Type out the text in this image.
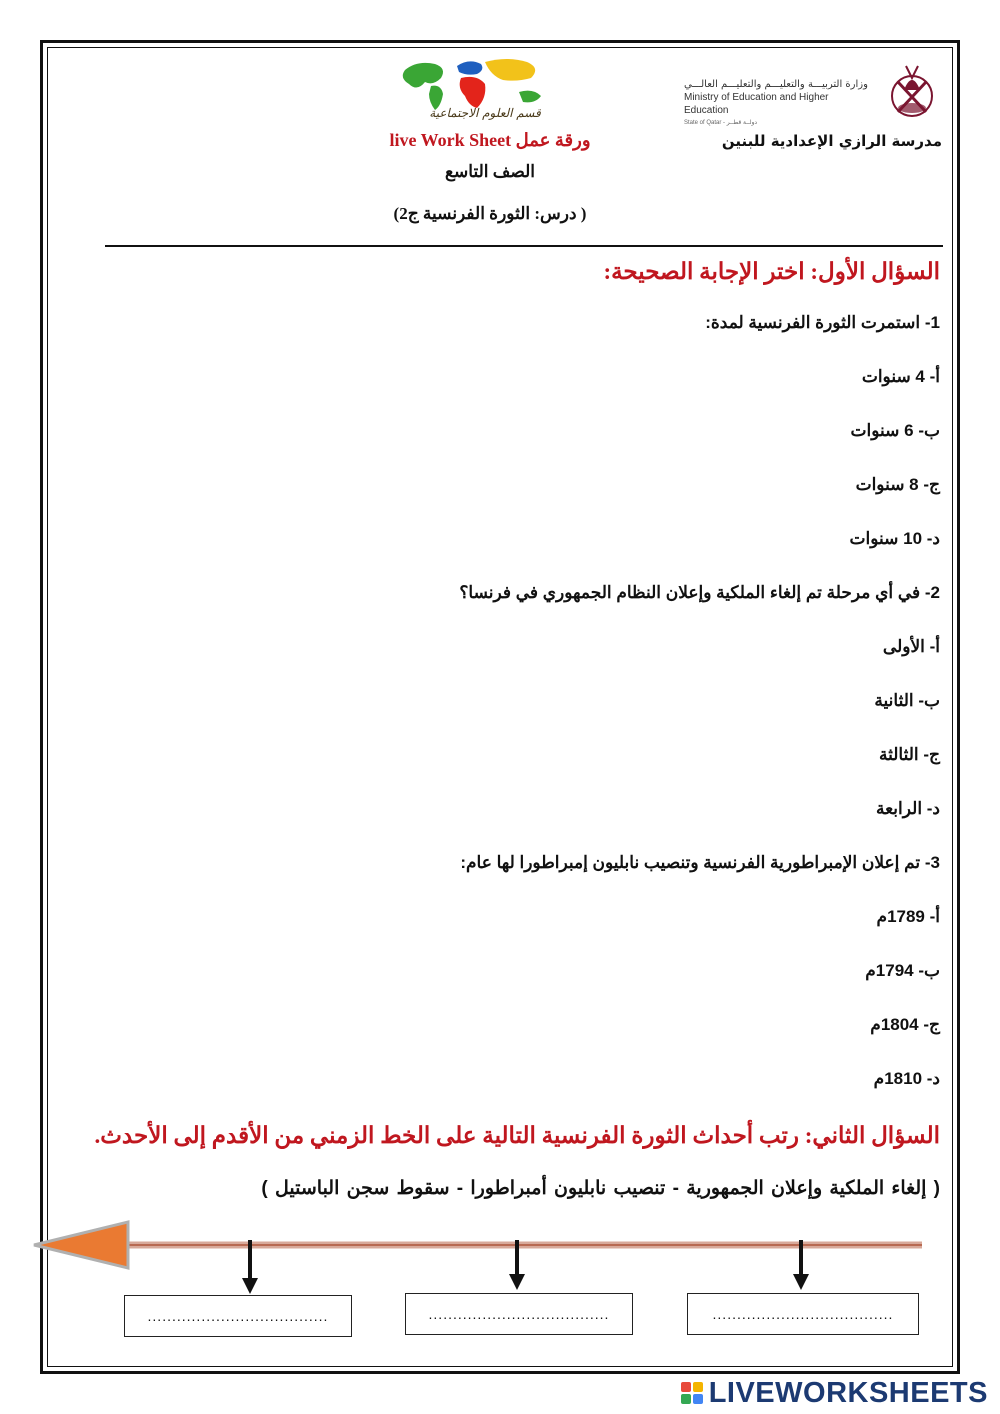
وزارة التربيـــة والتعليـــم والتعليـــم العالـــي
Ministry of Education and Higher Education
State of Qatar - دولــة قطــر
مدرسة الرازي الإعدادية للبنين
قسم العلوم الاجتماعية
ورقة عمل live Work Sheet
الصف التاسع
( درس: الثورة الفرنسية ج2)
السؤال الأول: اختر الإجابة الصحيحة:
1- استمرت الثورة الفرنسية لمدة:
أ- 4 سنوات
ب- 6 سنوات
ج- 8 سنوات
د- 10 سنوات
2- في أي مرحلة تم إلغاء الملكية وإعلان النظام الجمهوري في فرنسا؟
أ- الأولى
ب- الثانية
ج- الثالثة
د- الرابعة
3- تم إعلان الإمبراطورية الفرنسية وتنصيب نابليون إمبراطورا لها عام:
أ- 1789م
ب- 1794م
ج- 1804م
د- 1810م
السؤال الثاني: رتب أحداث الثورة الفرنسية التالية على الخط الزمني من الأقدم إلى الأحدث.
( إلغاء الملكية وإعلان الجمهورية - تنصيب نابليون أمبراطورا - سقوط سجن الباستيل )
.....................................	.....................................	.....................................
LIVEWORKSHEETS
